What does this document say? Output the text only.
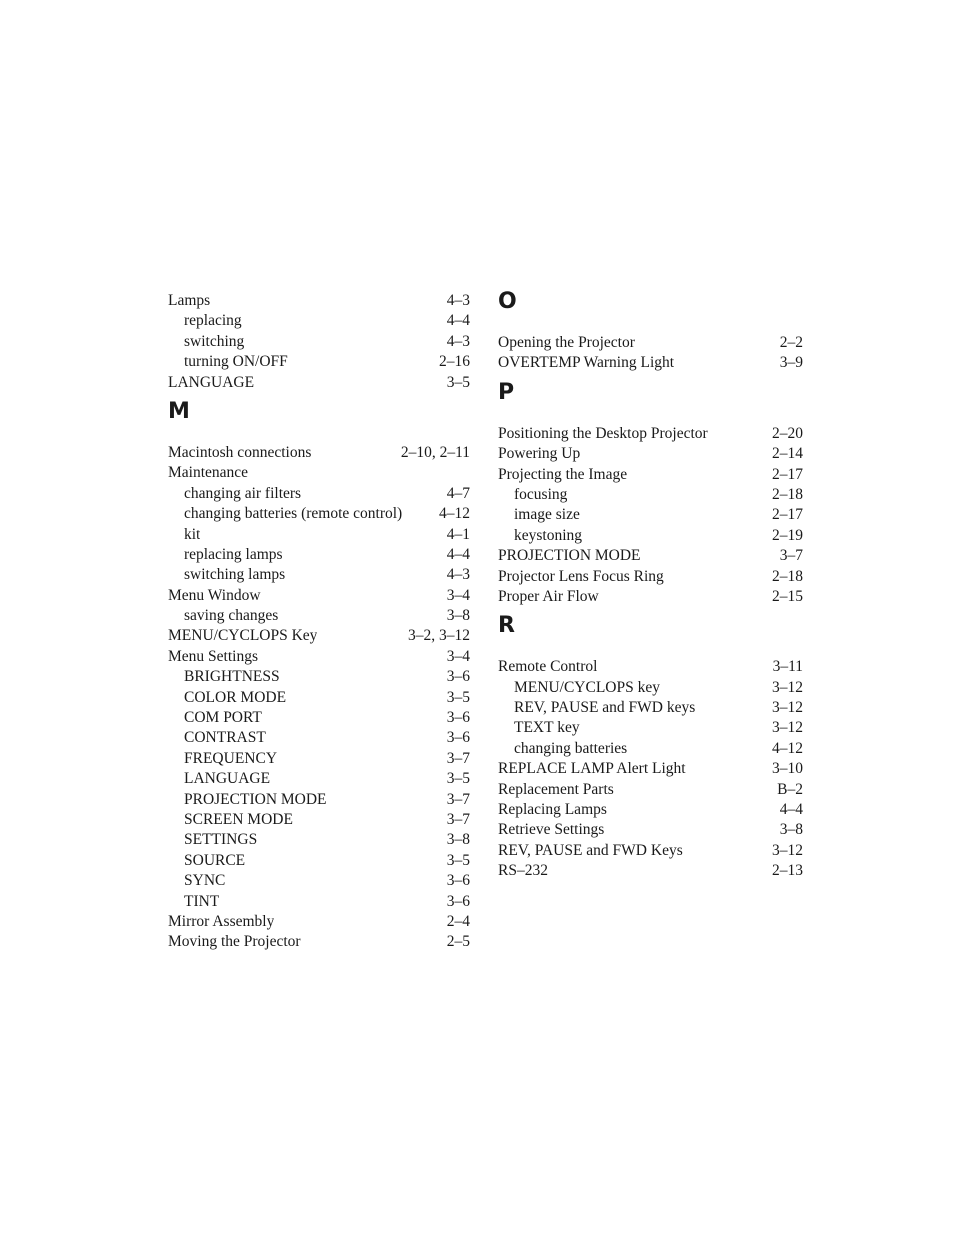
Lamps	4–3
replacing	4–4
switching	4–3
turning ON/OFF	2–16
LANGUAGE	3–5
M
Macintosh connections	2–10, 2–11
Maintenance
changing air filters	4–7
changing batteries (remote control) 4–12
kit	4–1
replacing lamps	4–4
switching lamps	4–3
Menu Window	3–4
saving changes	3–8
MENU/CYCLOPS Key	3–2, 3–12
Menu Settings	3–4
BRIGHTNESS	3–6
COLOR MODE	3–5
COM PORT	3–6
CONTRAST	3–6
FREQUENCY	3–7
LANGUAGE	3–5
PROJECTION MODE	3–7
SCREEN MODE	3–7
SETTINGS	3–8
SOURCE	3–5
SYNC	3–6
TINT	3–6
Mirror Assembly	2–4
Moving the Projector	2–5
O
Opening the Projector	2–2
OVERTEMP Warning Light	3–9
P
Positioning the Desktop Projector	2–20
Powering Up	2–14
Projecting the Image	2–17
focusing	2–18
image size	2–17
keystoning	2–19
PROJECTION MODE	3–7
Projector Lens Focus Ring	2–18
Proper Air Flow	2–15
R
Remote Control	3–11
MENU/CYCLOPS key	3–12
REV, PAUSE and FWD keys	3–12
TEXT key	3–12
changing batteries	4–12
REPLACE LAMP Alert Light	3–10
Replacement Parts	B–2
Replacing Lamps	4–4
Retrieve Settings	3–8
REV, PAUSE and FWD Keys	3–12
RS–232	2–13
